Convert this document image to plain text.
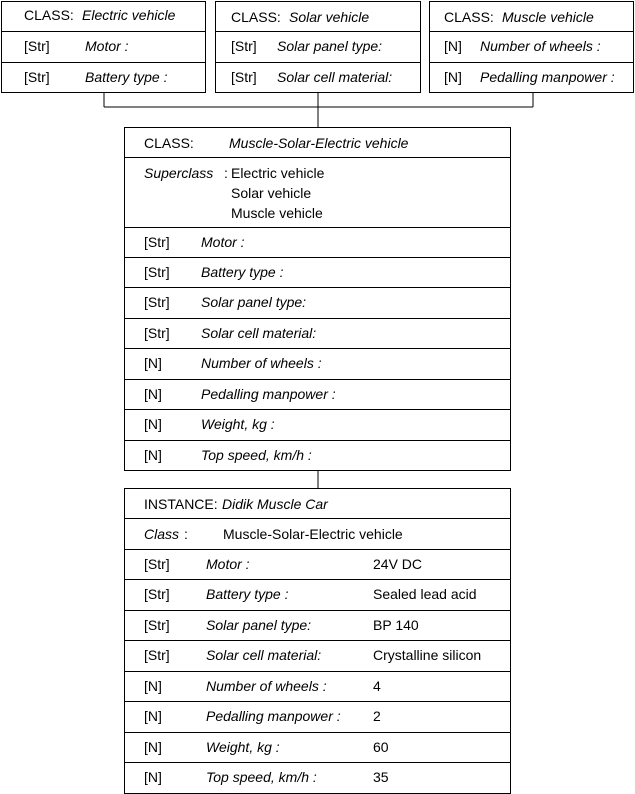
CLASS: Electric vehicle
[Str]	Motor :
[Str]	Battery type :
CLASS: Solar vehicle
[Str] Solar panel type:
[Str] Solar cell material:
CLASS: Muscle vehicle
[N] Number of wheels :
[N] Pedalling manpower :
CLASS:	Muscle-Solar-Electric vehicle
Superclass : Electric vehicle
Solar vehicle
Muscle vehicle
[Str] Motor :
[Str] Battery type :
[Str] Solar panel type:
[Str] Solar cell material:
[N]	Number of wheels :
[N]	Pedalling manpower :
[N]	Weight, kg :
[N]	Top speed, km/h :
INSTANCE: Didik Muscle Car
Class :	Muscle-Solar-Electric vehicle
[Str]	Motor :	24V DC
[Str]	Battery type :	Sealed lead acid
[Str]	Solar panel type:	BP 140
[Str]	Solar cell material:	Crystalline silicon
[N]	Number of wheels :	4
[N]	Pedalling manpower : 2
[N]	Weight, kg :	60
[N]	Top speed, km/h :	35
